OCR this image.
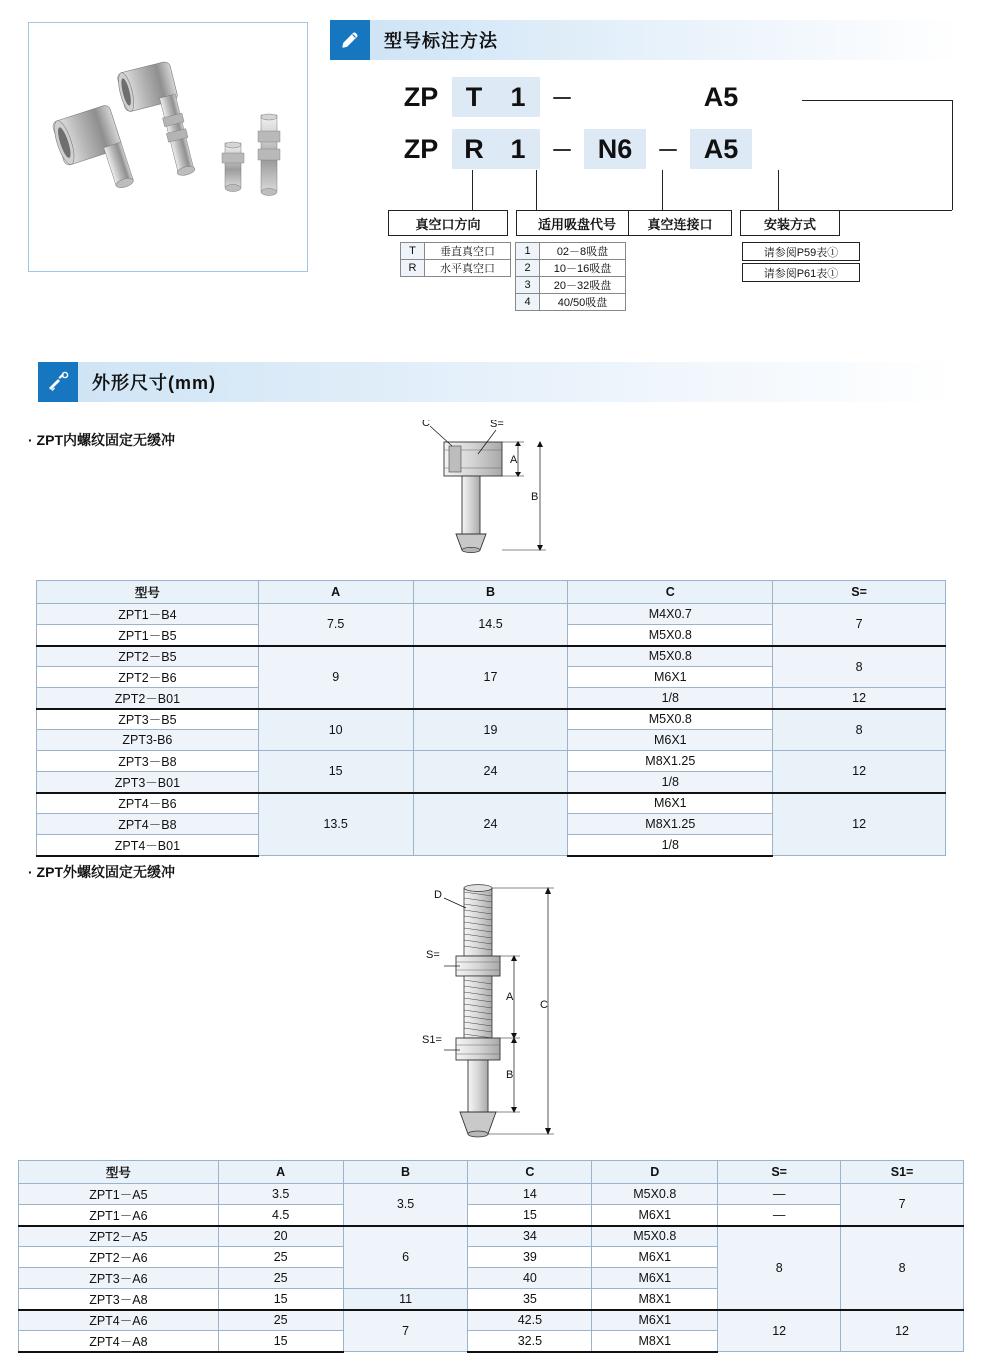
型号标注方法
ZP	T	1	－	A5
ZP R 1	－ N6	－ A5
真空口方向	适用吸盘代号 真空连接口	安装方式
T	垂直真空口
R	水平真空口
1	02－8吸盘
2	10－16吸盘
3	20－32吸盘
4	40/50吸盘
请参阅P59表①
请参阅P61表①
外形尺寸(mm)
· ZPT内螺纹固定无缓冲
C	S=
A
B
型号	A	B	C	S=
ZPT1－B4	7.5	14.5	M4X0.7	7
ZPT1－B5			M5X0.8	
ZPT2－B5	9	17	M5X0.8	8
ZPT2－B6			M6X1	
ZPT2－B01			1/8	12
ZPT3－B5	10	19	M5X0.8	8
ZPT3-B6			M6X1	
ZPT3－B8	15	24	M8X1.25	12
ZPT3－B01			1/8	
ZPT4－B6	13.5	24	M6X1	12
ZPT4－B8			M8X1.25	
ZPT4－B01			1/8	
· ZPT外螺纹固定无缓冲
D
S=
S1=
A
B
C
型号	A	B	C	D	S=	S1=
ZPT1－A5	3.5	3.5	14	M5X0.8	—	7
ZPT1－A6	4.5		15	M6X1	—	
ZPT2－A5	20	6	34	M5X0.8	8	8
ZPT2－A6	25		39	M6X1		
ZPT3－A6	25		40	M6X1		
ZPT3－A8	15	11	35	M8X1		
ZPT4－A6	25	7	42.5	M6X1	12	12
ZPT4－A8	15		32.5	M8X1		
